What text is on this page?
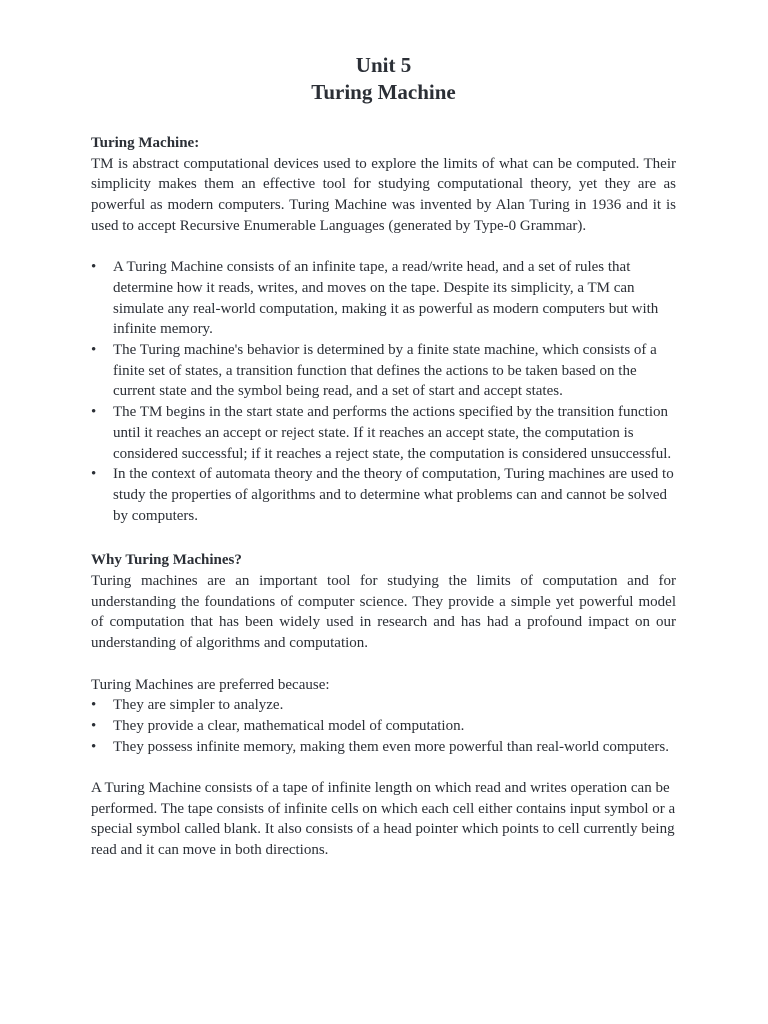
Unit 5
Turing Machine
Turing Machine:

TM is abstract computational devices used to explore the limits of what can be computed. Their simplicity makes them an effective tool for studying computational theory, yet they are as powerful as modern computers. Turing Machine was invented by Alan Turing in 1936 and it is used to accept Recursive Enumerable Languages (generated by Type-0 Grammar).

• A Turing Machine consists of an infinite tape, a read/write head, and a set of rules that determine how it reads, writes, and moves on the tape. Despite its simplicity, a TM can simulate any real-world computation, making it as powerful as modern computers but with infinite memory.
• The Turing machine's behavior is determined by a finite state machine, which consists of a finite set of states, a transition function that defines the actions to be taken based on the current state and the symbol being read, and a set of start and accept states.
• The TM begins in the start state and performs the actions specified by the transition function until it reaches an accept or reject state. If it reaches an accept state, the computation is considered successful; if it reaches a reject state, the computation is considered unsuccessful.
• In the context of automata theory and the theory of computation, Turing machines are used to study the properties of algorithms and to determine what problems can and cannot be solved by computers.
Why Turing Machines?

Turing machines are an important tool for studying the limits of computation and for understanding the foundations of computer science. They provide a simple yet powerful model of computation that has been widely used in research and has had a profound impact on our understanding of algorithms and computation.

Turing Machines are preferred because:

• They are simpler to analyze.
• They provide a clear, mathematical model of computation.
• They possess infinite memory, making them even more powerful than real-world computers.

A Turing Machine consists of a tape of infinite length on which read and writes operation can be performed. The tape consists of infinite cells on which each cell either contains input symbol or a special symbol called blank. It also consists of a head pointer which points to cell currently being read and it can move in both directions.
